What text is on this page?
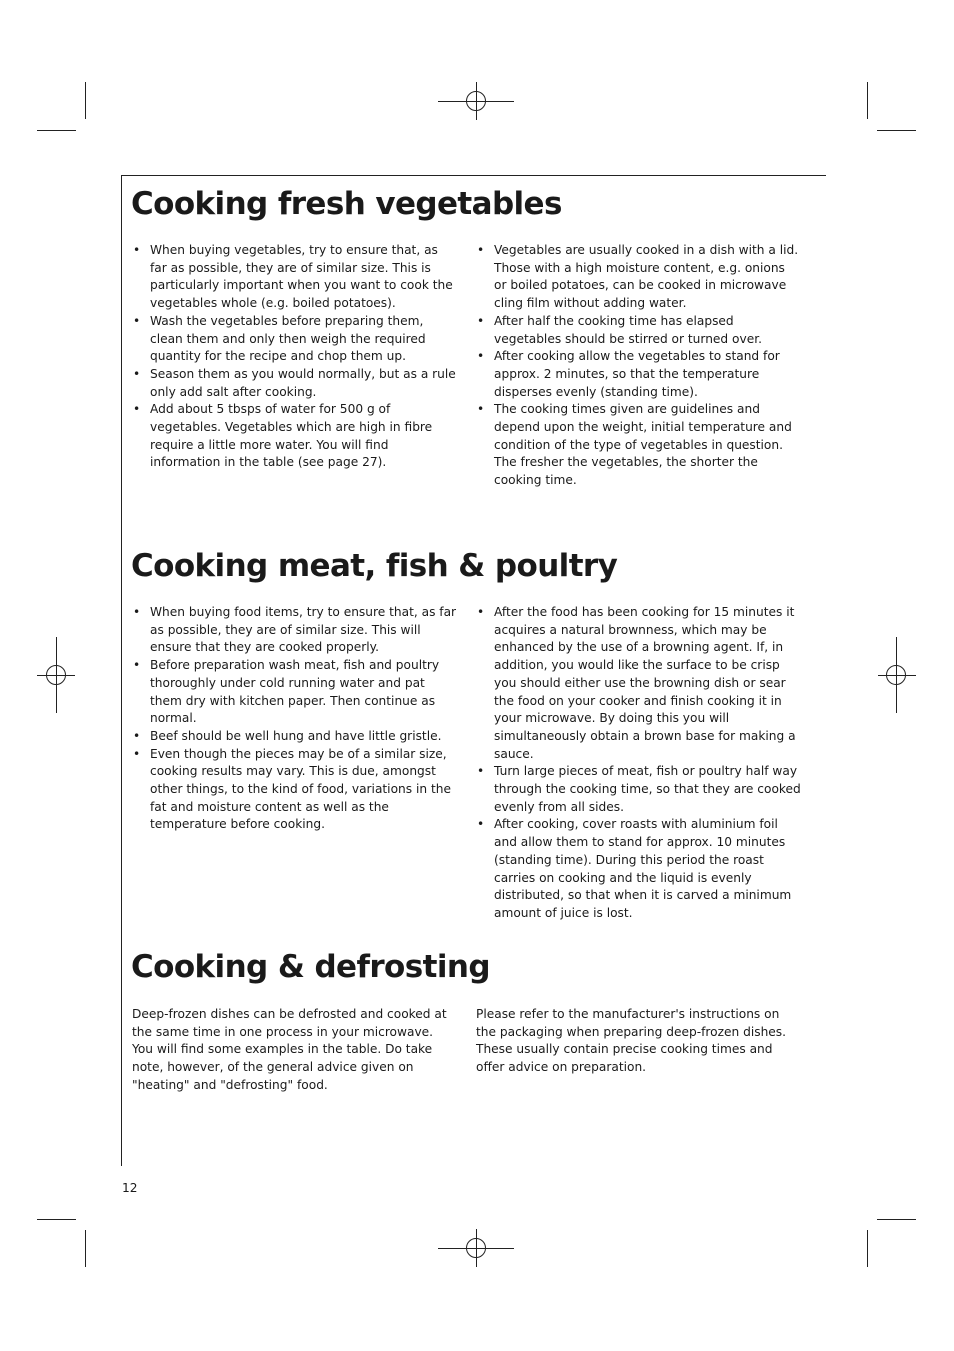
Cooking fresh vegetables
• When buying vegetables, try to ensure that, as far as possible, they are of similar size. This is particularly important when you want to cook the vegetables whole (e.g. boiled potatoes).
• Wash the vegetables before preparing them, clean them and only then weigh the required quantity for the recipe and chop them up.
• Season them as you would normally, but as a rule only add salt after cooking.
• Add about 5 tbsps of water for 500 g of vegetables. Vegetables which are high in fibre require a little more water. You will find information in the table (see page 27).
• Vegetables are usually cooked in a dish with a lid. Those with a high moisture content, e.g. onions or boiled potatoes, can be cooked in microwave cling film without adding water.
• After half the cooking time has elapsed vegetables should be stirred or turned over.
• After cooking allow the vegetables to stand for approx. 2 minutes, so that the temperature disperses evenly (standing time).
• The cooking times given are guidelines and depend upon the weight, initial temperature and condition of the type of vegetables in question. The fresher the vegetables, the shorter the cooking time.
Cooking meat, fish & poultry
• When buying food items, try to ensure that, as far as possible, they are of similar size. This will ensure that they are cooked properly.
• Before preparation wash meat, fish and poultry thoroughly under cold running water and pat them dry with kitchen paper. Then continue as normal.
• Beef should be well hung and have little gristle.
• Even though the pieces may be of a similar size, cooking results may vary. This is due, amongst other things, to the kind of food, variations in the fat and moisture content as well as the temperature before cooking.
• After the food has been cooking for 15 minutes it acquires a natural brownness, which may be enhanced by the use of a browning agent. If, in addition, you would like the surface to be crisp you should either use the browning dish or sear the food on your cooker and finish cooking it in your microwave. By doing this you will simultaneously obtain a brown base for making a sauce.
• Turn large pieces of meat, fish or poultry half way through the cooking time, so that they are cooked evenly from all sides.
• After cooking, cover roasts with aluminium foil and allow them to stand for approx. 10 minutes (standing time). During this period the roast carries on cooking and the liquid is evenly distributed, so that when it is carved a minimum amount of juice is lost.
Cooking & defrosting

Deep-frozen dishes can be defrosted and cooked at the same time in one process in your microwave. You will find some examples in the table. Do take note, however, of the general advice given on "heating" and "defrosting" food.

Please refer to the manufacturer's instructions on the packaging when preparing deep-frozen dishes. These usually contain precise cooking times and offer advice on preparation.

12
